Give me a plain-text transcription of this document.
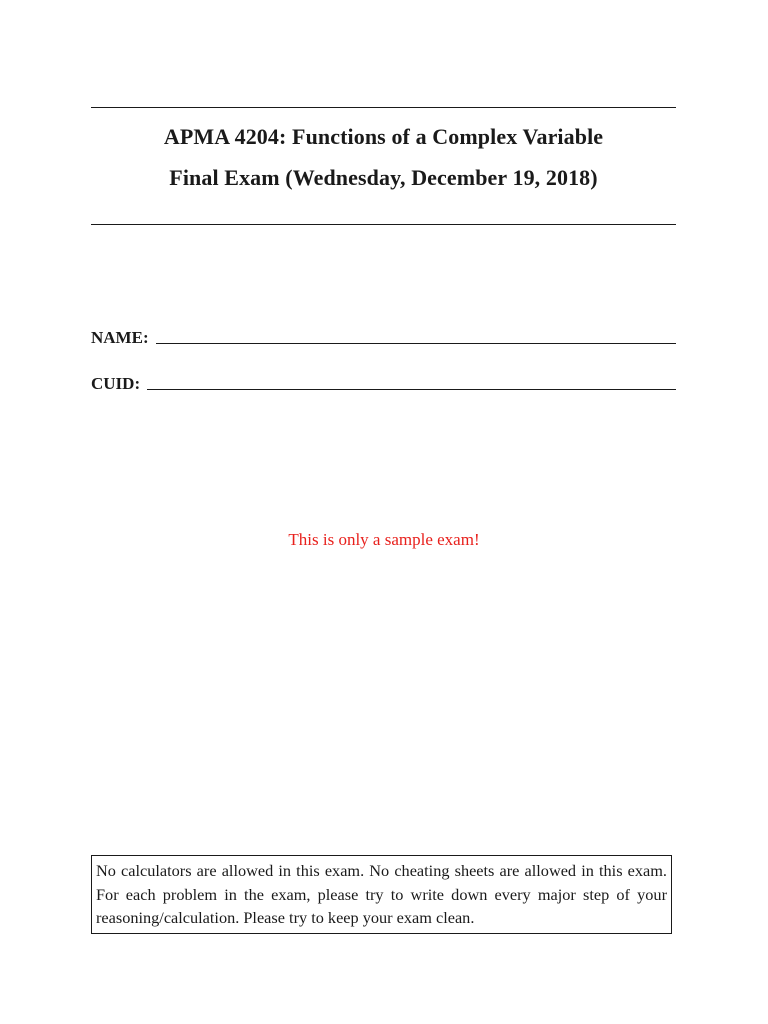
APMA 4204: Functions of a Complex Variable
Final Exam (Wednesday, December 19, 2018)
NAME:
CUID:
This is only a sample exam!
No calculators are allowed in this exam. No cheating sheets are allowed in this exam. For each problem in the exam, please try to write down every major step of your reasoning/calculation. Please try to keep your exam clean.
